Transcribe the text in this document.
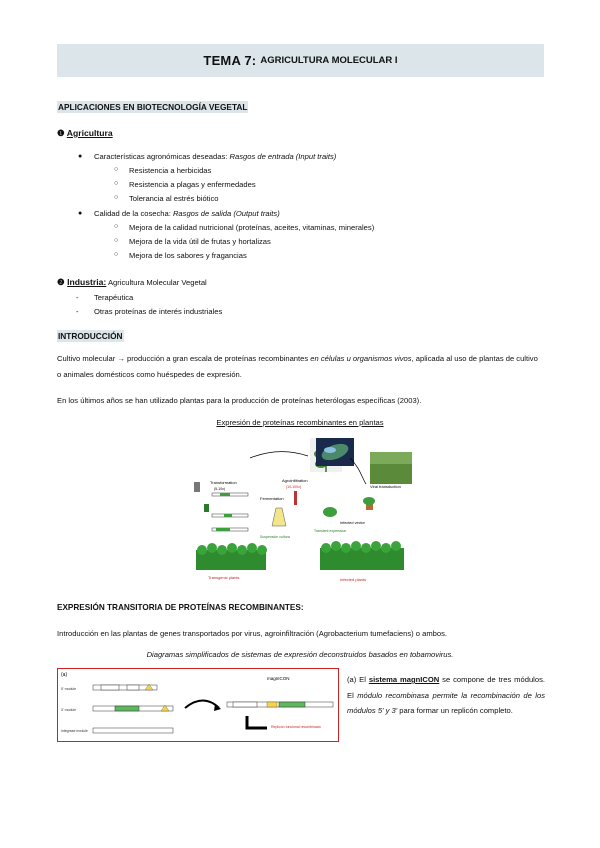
TEMA 7: AGRICULTURA MOLECULAR I
APLICACIONES EN BIOTECNOLOGÍA VEGETAL
❶ Agricultura
● Características agronómicas deseadas: Rasgos de entrada (Input traits)
○ Resistencia a herbicidas
○ Resistencia a plagas y enfermedades
○ Tolerancia al estrés biótico
● Calidad de la cosecha: Rasgos de salida (Output traits)
○ Mejora de la calidad nutricional (proteínas, aceites, vitaminas, minerales)
○ Mejora de la vida útil de frutas y hortalizas
○ Mejora de los sabores y fragancias
❷ Industria: Agricultura Molecular Vegetal
- Terapéutica
- Otras proteínas de interés industriales
INTRODUCCIÓN
Cultivo molecular → producción a gran escala de proteínas recombinantes en células u organismos vivos, aplicada al uso de plantas de cultivo o animales domésticos como huéspedes de expresión.
En los últimos años se han utilizado plantas para la producción de proteínas heterólogas específicas (2003).
Expresión de proteínas recombinantes en plantas
Transformation
(5-10x)
Agroinfiltration
(10-100x)
Fermentation
Suspensión cultura
Transient expression
Viral transduction
Infected vector
Transgenic plants	Infected plants
EXPRESIÓN TRANSITORIA DE PROTEÍNAS RECOMBINANTES:
Introducción en las plantas de genes transportados por virus, agroinfiltración (Agrobacterium tumefaciens) o ambos.
Diagramas simplificados de sistemas de expresión deconstruidos basados en tobamovirus.
(a)
5' module
3' module
integrase module
magnICON
Replicón funcional recombinado
(a) El sistema magnICON se compone de tres módulos. El módulo recombinasa permite la recombinación de los módulos 5' y 3' para formar un replicón completo.
